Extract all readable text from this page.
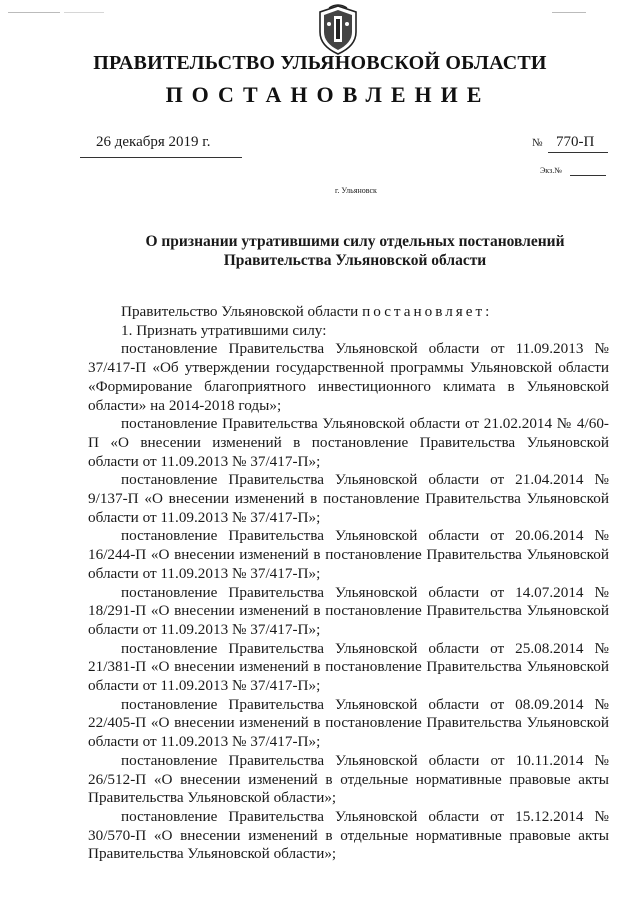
ПРАВИТЕЛЬСТВО УЛЬЯНОВСКОЙ ОБЛАСТИ
ПОСТАНОВЛЕНИЕ
26 декабря 2019 г.	№ 770-П
Экз.№
г. Ульяновск
О признании утратившими силу отдельных постановлений
Правительства Ульяновской области

Правительство Ульяновской области постановляет:

1. Признать утратившими силу:

постановление Правительства Ульяновской области от 11.09.2013 № 37/417-П «Об утверждении государственной программы Ульяновской области «Формирование благоприятного инвестиционного климата в Ульяновской области» на 2014-2018 годы»;

постановление Правительства Ульяновской области от 21.02.2014 № 4/60-П «О внесении изменений в постановление Правительства Ульяновской области от 11.09.2013 № 37/417-П»;

постановление Правительства Ульяновской области от 21.04.2014 № 9/137-П «О внесении изменений в постановление Правительства Ульяновской области от 11.09.2013 № 37/417-П»;

постановление Правительства Ульяновской области от 20.06.2014 № 16/244-П «О внесении изменений в постановление Правительства Ульяновской области от 11.09.2013 № 37/417-П»;

постановление Правительства Ульяновской области от 14.07.2014 № 18/291-П «О внесении изменений в постановление Правительства Ульяновской области от 11.09.2013 № 37/417-П»;

постановление Правительства Ульяновской области от 25.08.2014 № 21/381-П «О внесении изменений в постановление Правительства Ульяновской области от 11.09.2013 № 37/417-П»;

постановление Правительства Ульяновской области от 08.09.2014 № 22/405-П «О внесении изменений в постановление Правительства Ульяновской области от 11.09.2013 № 37/417-П»;

постановление Правительства Ульяновской области от 10.11.2014 № 26/512-П «О внесении изменений в отдельные нормативные правовые акты Правительства Ульяновской области»;

постановление Правительства Ульяновской области от 15.12.2014 № 30/570-П «О внесении изменений в отдельные нормативные правовые акты Правительства Ульяновской области»;
